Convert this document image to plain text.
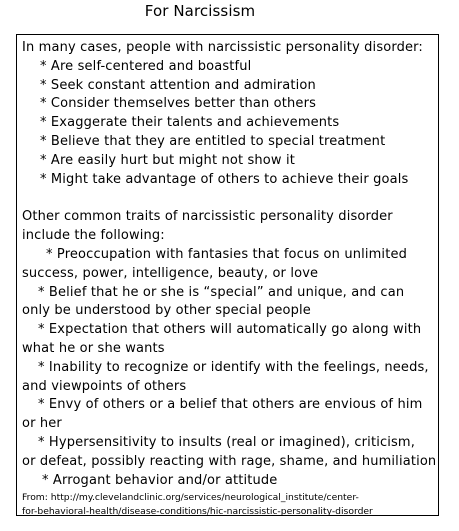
For Narcissism
In many cases, people with narcissistic personality disorder:
* Are self-centered and boastful
* Seek constant attention and admiration
* Consider themselves better than others
* Exaggerate their talents and achievements
* Believe that they are entitled to special treatment
* Are easily hurt but might not show it
* Might take advantage of others to achieve their goals
Other common traits of narcissistic personality disorder
include the following:
* Preoccupation with fantasies that focus on unlimited
success, power, intelligence, beauty, or love
* Belief that he or she is “special” and unique, and can
only be understood by other special people
* Expectation that others will automatically go along with
what he or she wants
* Inability to recognize or identify with the feelings, needs,
and viewpoints of others
* Envy of others or a belief that others are envious of him
or her
* Hypersensitivity to insults (real or imagined), criticism,
or defeat, possibly reacting with rage, shame, and humiliation
* Arrogant behavior and/or attitude
From: http://my.clevelandclinic.org/services/neurological_institute/center-
for-behavioral-health/disease-conditions/hic-narcissistic-personality-disorder
